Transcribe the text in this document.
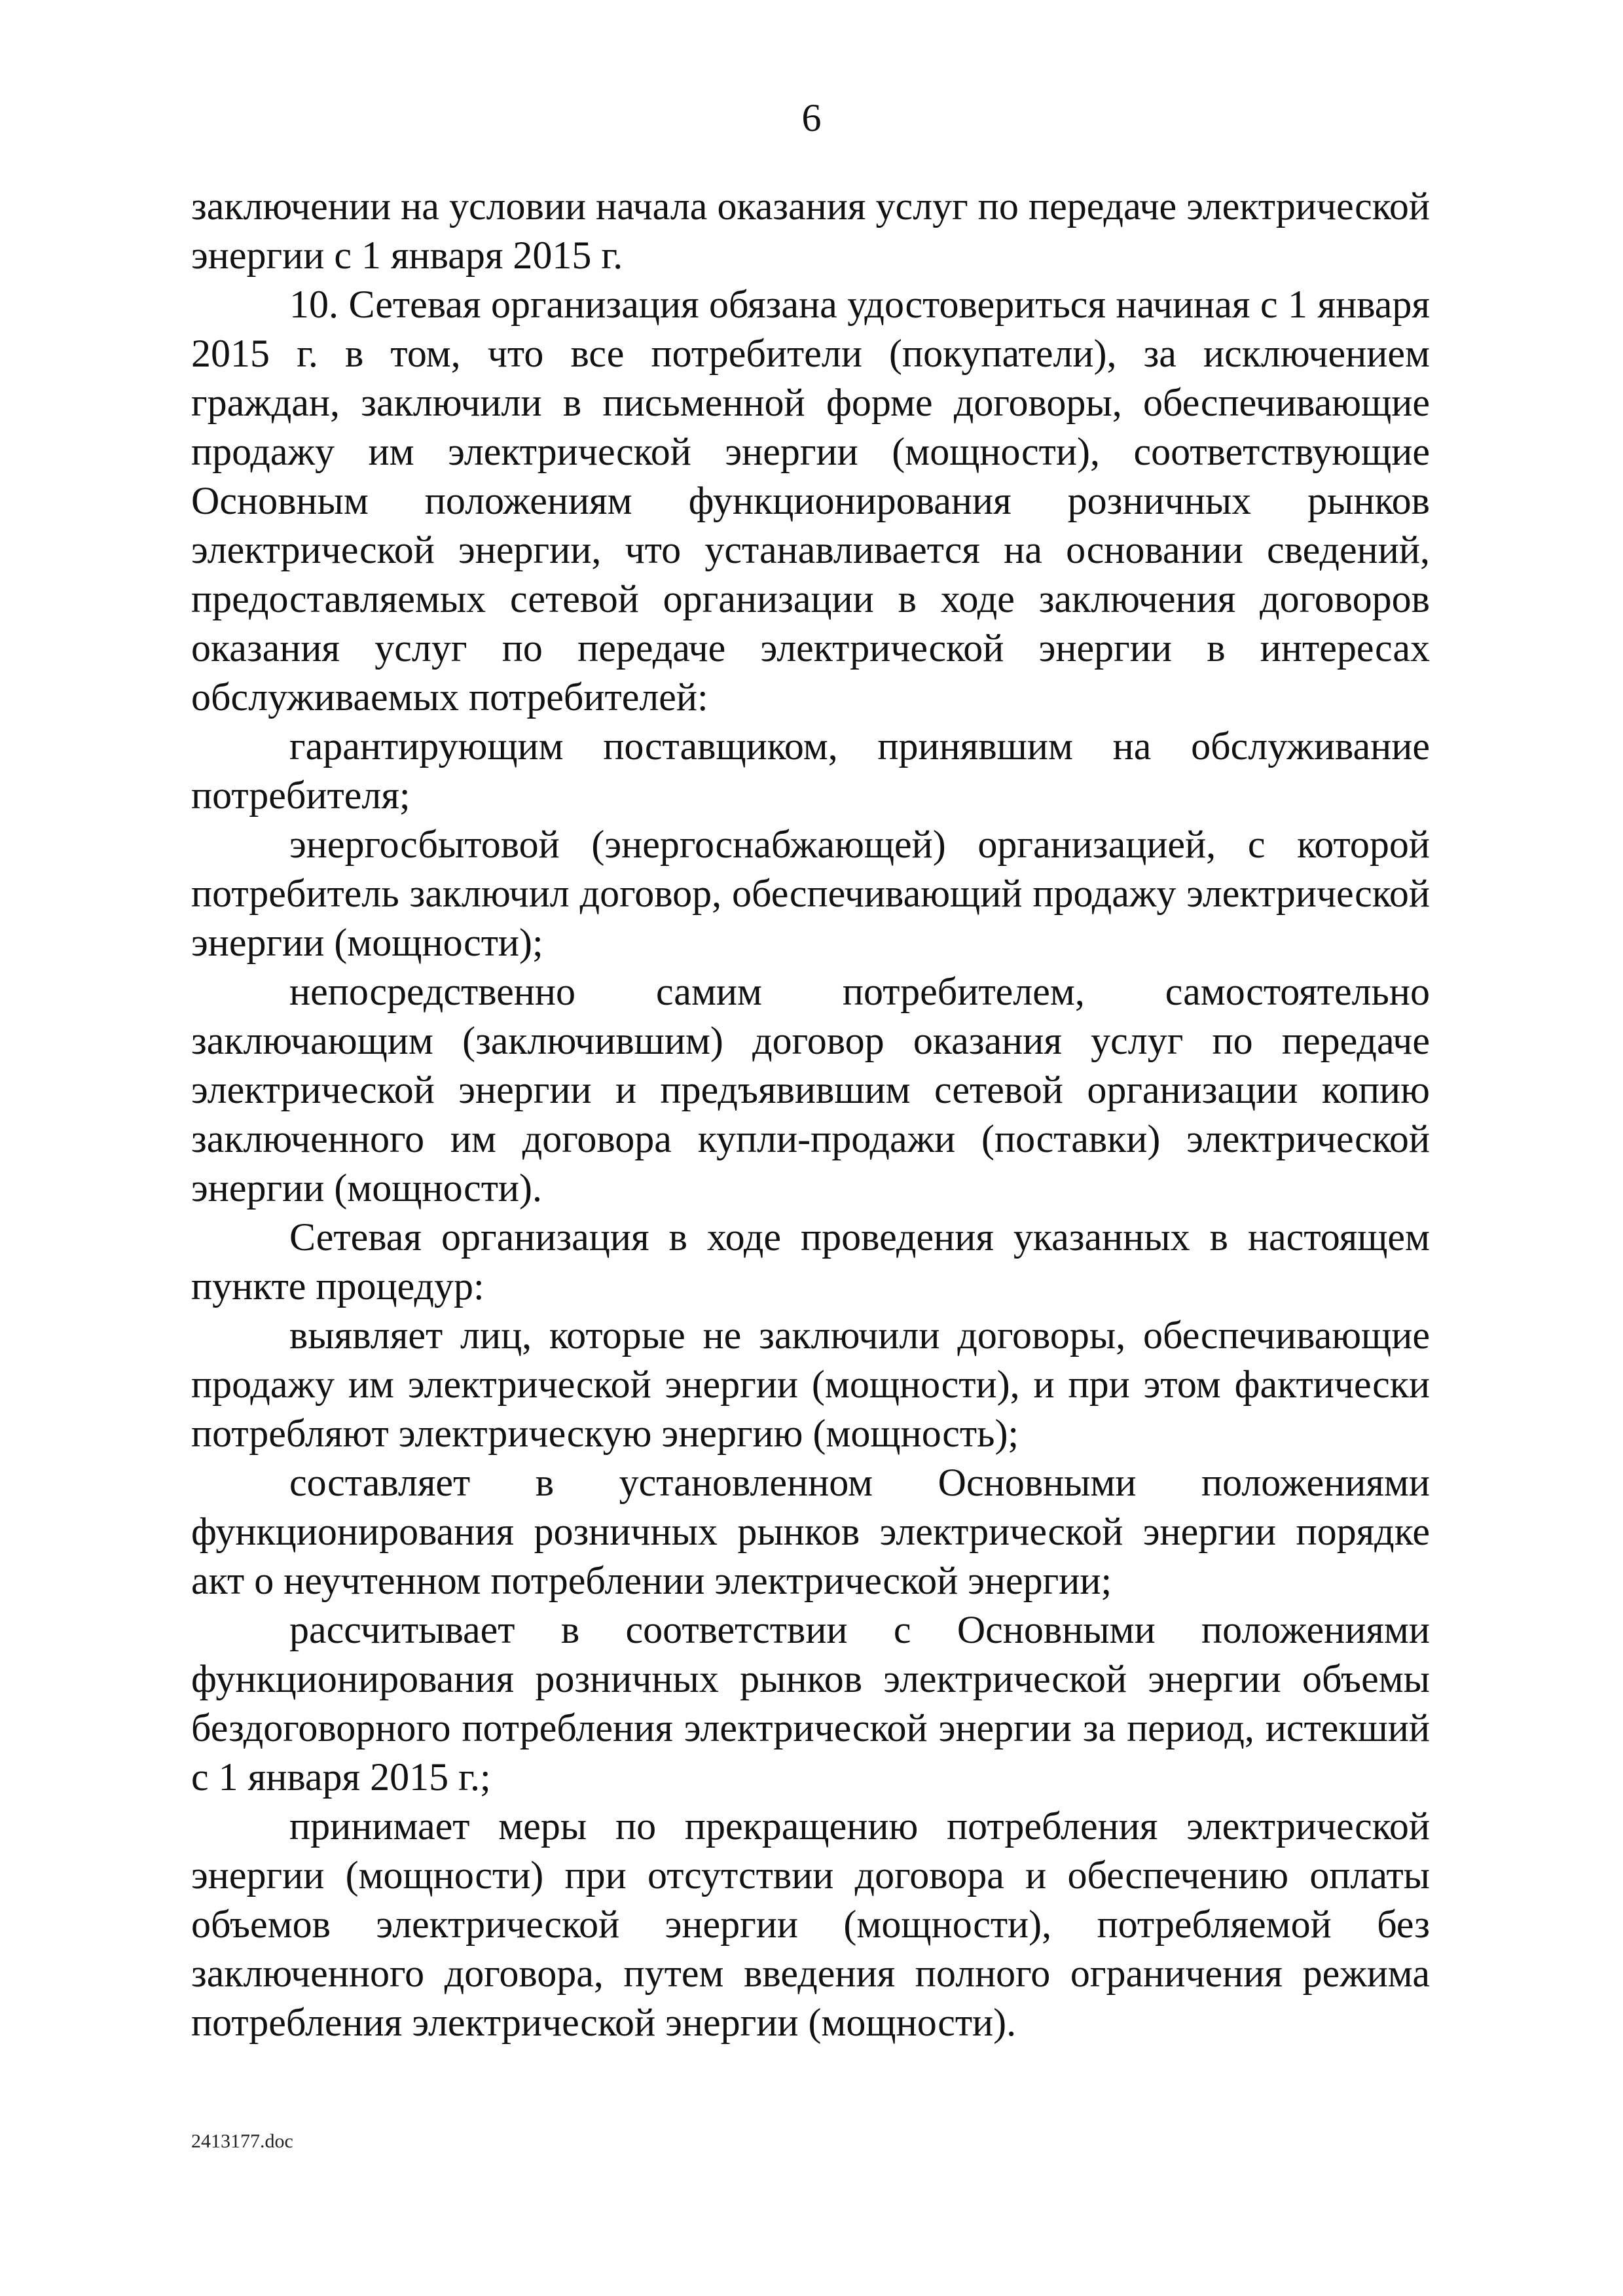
6

заключении на условии начала оказания услуг по передаче электрической энергии с 1 января 2015 г.

10. Сетевая организация обязана удостовериться начиная с 1 января 2015 г. в том, что все потребители (покупатели), за исключением граждан, заключили в письменной форме договоры, обеспечивающие продажу им электрической энергии (мощности), соответствующие Основным положениям функционирования розничных рынков электрической энергии, что устанавливается на основании сведений, предоставляемых сетевой организации в ходе заключения договоров оказания услуг по передаче электрической энергии в интересах обслуживаемых потребителей:

гарантирующим поставщиком, принявшим на обслуживание потребителя;

энергосбытовой (энергоснабжающей) организацией, с которой потребитель заключил договор, обеспечивающий продажу электрической энергии (мощности);

непосредственно самим потребителем, самостоятельно заключающим (заключившим) договор оказания услуг по передаче электрической энергии и предъявившим сетевой организации копию заключенного им договора купли-продажи (поставки) электрической энергии (мощности).

Сетевая организация в ходе проведения указанных в настоящем пункте процедур:

выявляет лиц, которые не заключили договоры, обеспечивающие продажу им электрической энергии (мощности), и при этом фактически потребляют электрическую энергию (мощность);

составляет в установленном Основными положениями функционирования розничных рынков электрической энергии порядке акт о неучтенном потреблении электрической энергии;

рассчитывает в соответствии с Основными положениями функционирования розничных рынков электрической энергии объемы бездоговорного потребления электрической энергии за период, истекший с 1 января 2015 г.;

принимает меры по прекращению потребления электрической энергии (мощности) при отсутствии договора и обеспечению оплаты объемов электрической энергии (мощности), потребляемой без заключенного договора, путем введения полного ограничения режима потребления электрической энергии (мощности).

2413177.doc
